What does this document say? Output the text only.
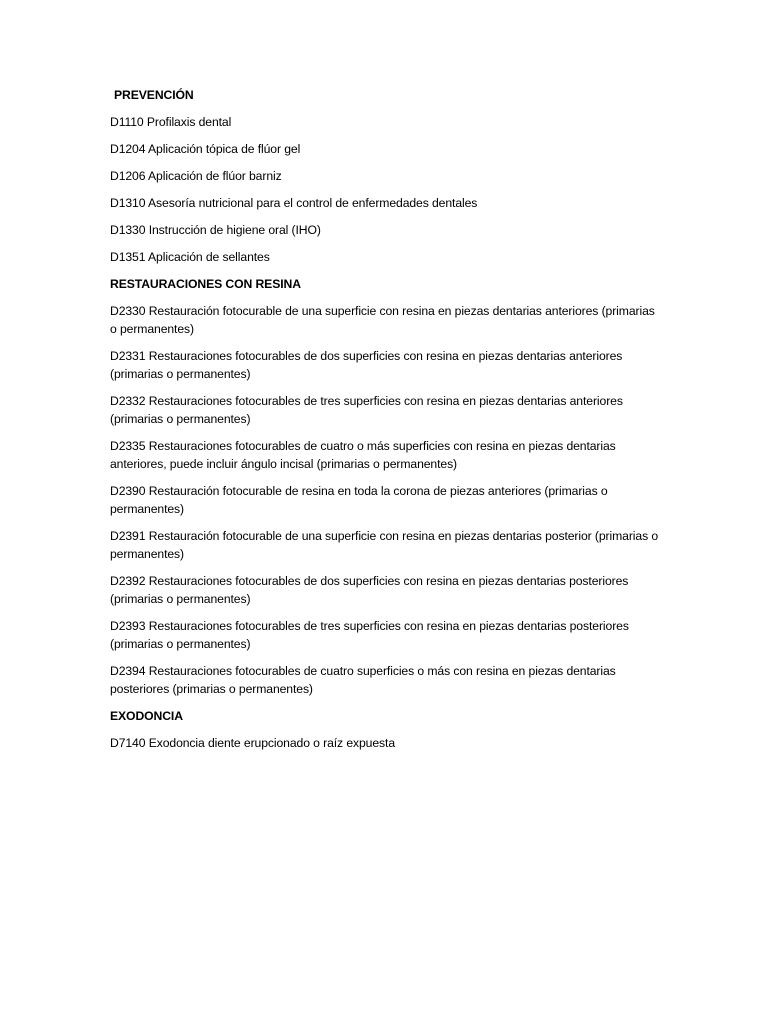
PREVENCIÓN
D1110 Profilaxis dental
D1204 Aplicación tópica de flúor gel
D1206 Aplicación de flúor barniz
D1310 Asesoría nutricional para el control de enfermedades dentales
D1330 Instrucción de higiene oral (IHO)
D1351 Aplicación de sellantes
RESTAURACIONES CON RESINA
D2330 Restauración fotocurable de una superficie con resina en piezas dentarias anteriores (primarias o permanentes)
D2331 Restauraciones fotocurables de dos superficies con resina en piezas dentarias anteriores (primarias o permanentes)
D2332 Restauraciones fotocurables de tres superficies con resina en piezas dentarias anteriores (primarias o permanentes)
D2335 Restauraciones fotocurables de cuatro o más superficies con resina en piezas dentarias anteriores, puede incluir ángulo incisal (primarias o permanentes)
D2390 Restauración fotocurable de resina en toda la corona de piezas anteriores (primarias o permanentes)
D2391 Restauración fotocurable de una superficie con resina en piezas dentarias posterior (primarias o permanentes)
D2392 Restauraciones fotocurables de dos superficies con resina en piezas dentarias posteriores (primarias o permanentes)
D2393 Restauraciones fotocurables de tres superficies con resina en piezas dentarias posteriores (primarias o permanentes)
D2394 Restauraciones fotocurables de cuatro superficies o más con resina en piezas dentarias posteriores (primarias o permanentes)
EXODONCIA
D7140 Exodoncia diente erupcionado o raíz expuesta
